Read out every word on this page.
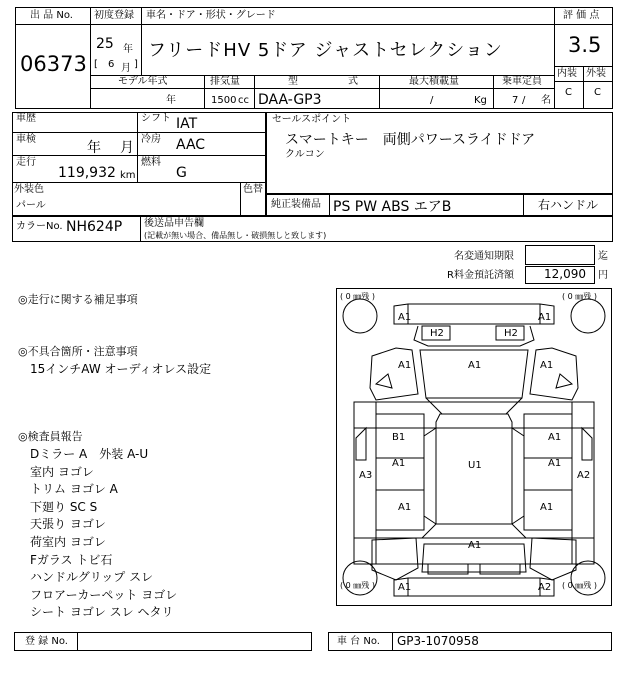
出 品 No.
06373
初度登録 車名・ドア・形状・グレード
25 年
[ 6 月 ]
フリードHV 5ドア ジャストセレクション
評 価 点
3.5
内装 外装
C C
モデル年式
年
排気量
1500 cc
型	式
DAA-GP3
最大積載量
/	Kg
乗車定員
7 / 名
車歴	シフト IAT
車検
年 月
冷房 AAC
走行
119,932 km
燃料
G
外装色
パール
色替
セールスポイント
スマートキー　両側パワースライドドア
クルコン
純正装備品 PS PW ABS エアB	右ハンドル
カラーNo. NH624P 後送品申告欄
(記載が無い場合、備品無し・破損無しと致します)
名変通知期限	迄
R料金預託済額	12,090 円
◎走行に関する補足事項
◎不具合箇所・注意事項
15インチAW オーディオレス設定
◎検査員報告
Dミラー A　外装 A-U
室内 ヨゴレ
トリム ヨゴレ A
下廻り SC S
天張り ヨゴレ
荷室内 ヨゴレ
Fガラス トビ石
ハンドルグリップ スレ
フロアーカーペット ヨゴレ
シート ヨゴレ スレ ヘタリ
登 録 No.	車 台 No. GP3-1070958
( 0 ㎜残 )	( 0 ㎜残 )
( 0 ㎜残 )	( 0 ㎜残 )
A1	A1
H2	H2
A1	A1	A1
B1	A1
A1	U1	A1
A3	A2
A1	A1
A1
A1	A2
